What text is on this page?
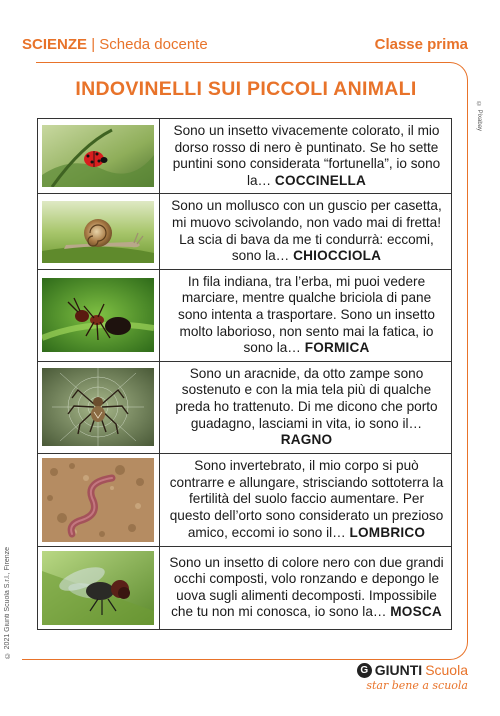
SCIENZE | Scheda docente	Classe prima
INDOVINELLI SUI PICCOLI ANIMALI
© Pixabay
© 2021 Giunti Scuola S.r.l., Firenze
	Sono un insetto vivacemente colorato, il mio dorso rosso di nero è puntinato. Se ho sette puntini sono considerata “fortunella”, io sono la… COCCINELLA

	Sono un mollusco con un guscio per casetta, mi muovo scivolando, non vado mai di fretta! La scia di bava da me ti condurrà: eccomi, sono la… CHIOCCIOLA

	In fila indiana, tra l’erba, mi puoi vedere marciare, mentre qualche briciola di pane sono intenta a trasportare. Sono un insetto molto laborioso, non sento mai la fatica, io sono la… FORMICA

	Sono un aracnide, da otto zampe sono sostenuto e con la mia tela più di qualche preda ho trattenuto. Di me dicono che porto guadagno, lasciami in vita, io sono il… RAGNO

	Sono invertebrato, il mio corpo si può contrarre e allungare, strisciando sottoterra la fertilità del suolo faccio aumentare. Per questo dell’orto sono considerato un prezioso amico, eccomi io sono il… LOMBRICO

	Sono un insetto di colore nero con due grandi occhi composti, volo ronzando e depongo le uova sugli alimenti decomposti. Impossibile che tu non mi conosca, io sono la… MOSCA
G GIUNTI Scuola
star bene a scuola
